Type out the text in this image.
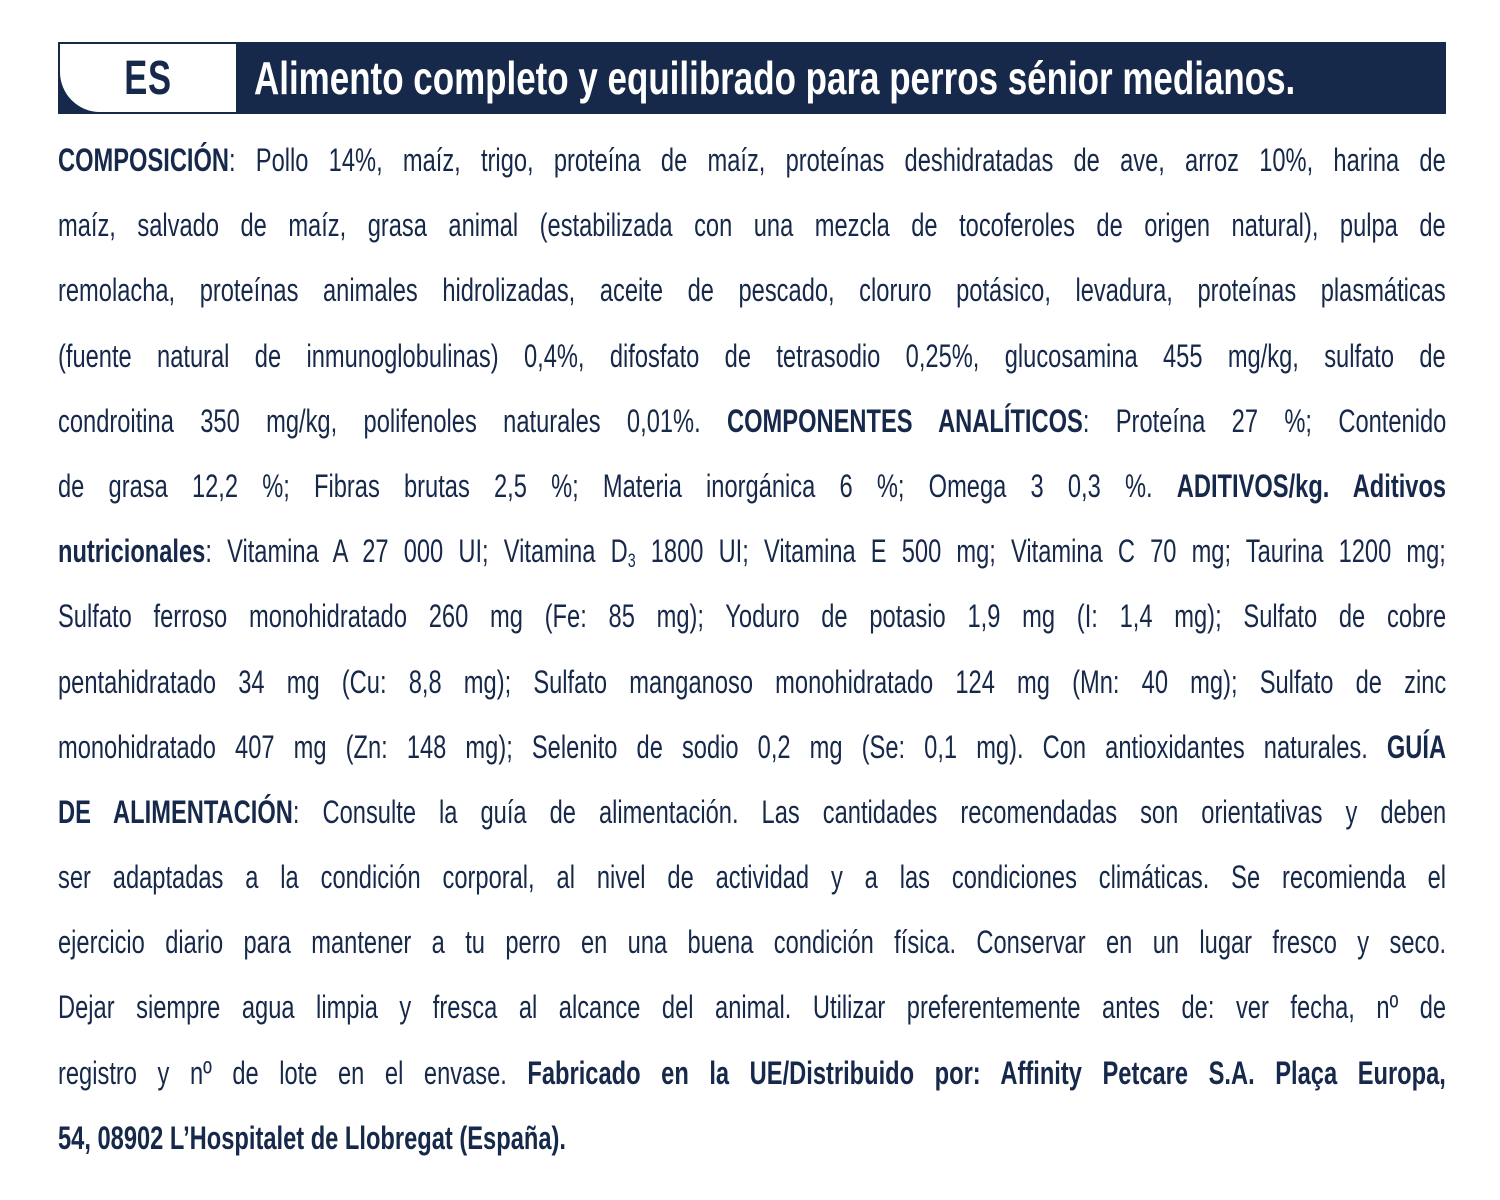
ES Alimento completo y equilibrado para perros sénior medianos.
COMPOSICIÓN: Pollo 14%, maíz, trigo, proteína de maíz, proteínas deshidratadas de ave, arroz 10%, harina de
maíz, salvado de maíz, grasa animal (estabilizada con una mezcla de tocoferoles de origen natural), pulpa de
remolacha, proteínas animales hidrolizadas, aceite de pescado, cloruro potásico, levadura, proteínas plasmáticas
(fuente natural de inmunoglobulinas) 0,4%, difosfato de tetrasodio 0,25%, glucosamina 455 mg/kg, sulfato de
condroitina 350 mg/kg, polifenoles naturales 0,01%. COMPONENTES ANALÍTICOS: Proteína 27 %; Contenido
de grasa 12,2 %; Fibras brutas 2,5 %; Materia inorgánica 6 %; Omega 3 0,3 %. ADITIVOS/kg. Aditivos
nutricionales: Vitamina A 27 000 UI; Vitamina $D_3$ 1800 UI; Vitamina E 500 mg; Vitamina C 70 mg; Taurina 1200 mg;
Sulfato ferroso monohidratado 260 mg (Fe: 85 mg); Yoduro de potasio 1,9 mg (I: 1,4 mg); Sulfato de cobre
pentahidratado 34 mg (Cu: 8,8 mg); Sulfato manganoso monohidratado 124 mg (Mn: 40 mg); Sulfato de zinc
monohidratado 407 mg (Zn: 148 mg); Selenito de sodio 0,2 mg (Se: 0,1 mg). Con antioxidantes naturales. GUÍA
DE ALIMENTACIÓN: Consulte la guía de alimentación. Las cantidades recomendadas son orientativas y deben
ser adaptadas a la condición corporal, al nivel de actividad y a las condiciones climáticas. Se recomienda el
ejercicio diario para mantener a tu perro en una buena condición física. Conservar en un lugar fresco y seco.
Dejar siempre agua limpia y fresca al alcance del animal. Utilizar preferentemente antes de: ver fecha, nº de
registro y nº de lote en el envase. Fabricado en la UE/Distribuido por: Affinity Petcare S.A. Plaça Europa,
54, 08902 L’Hospitalet de Llobregat (España).
